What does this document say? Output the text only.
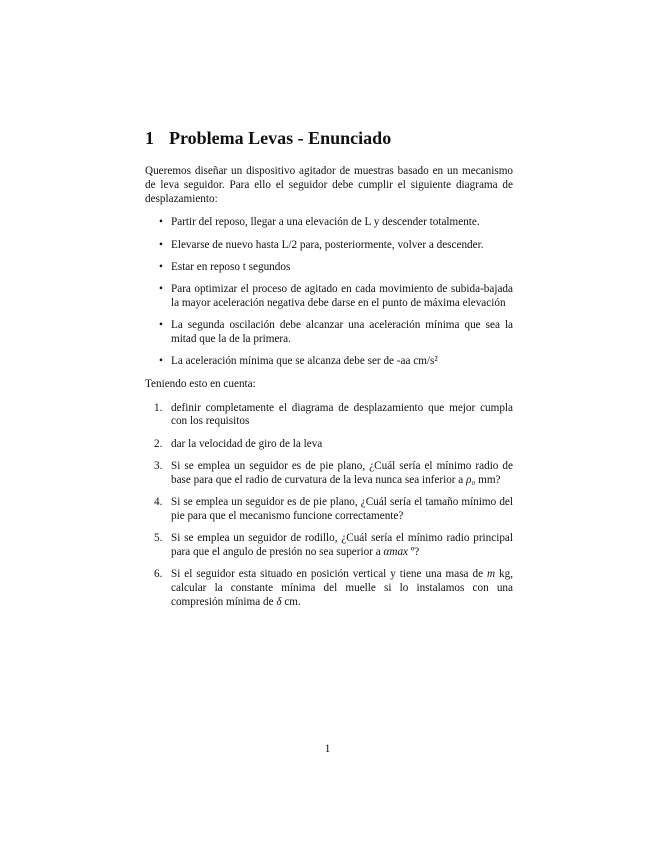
1 Problema Levas - Enunciado

Queremos diseñar un dispositivo agitador de muestras basado en un mecanismo de leva seguidor. Para ello el seguidor debe cumplir el siguiente diagrama de desplazamiento:

• Partir del reposo, llegar a una elevación de L y descender totalmente.
• Elevarse de nuevo hasta L/2 para, posteriormente, volver a descender.
• Estar en reposo t segundos
• Para optimizar el proceso de agitado en cada movimiento de subida-bajada la mayor aceleración negativa debe darse en el punto de máxima elevación
• La segunda oscilación debe alcanzar una aceleración mínima que sea la mitad que la de la primera.
• La aceleración mínima que se alcanza debe ser de -aa cm/s²

Teniendo esto en cuenta:

1. definir completamente el diagrama de desplazamiento que mejor cumpla con los requisitos
2. dar la velocidad de giro de la leva
3. Si se emplea un seguidor es de pie plano, ¿Cuál sería el mínimo radio de base para que el radio de curvatura de la leva nunca sea inferior a ρ₀ mm?
4. Si se emplea un seguidor es de pie plano, ¿Cuál sería el tamaño mínimo del pie para que el mecanismo funcione correctamente?
5. Si se emplea un seguidor de rodillo, ¿Cuál sería el mínimo radio principal para que el angulo de presión no sea superior a αmax º?
6. Si el seguidor esta situado en posición vertical y tiene una masa de m kg, calcular la constante mínima del muelle si lo instalamos con una compresión mínima de δ cm.
1
